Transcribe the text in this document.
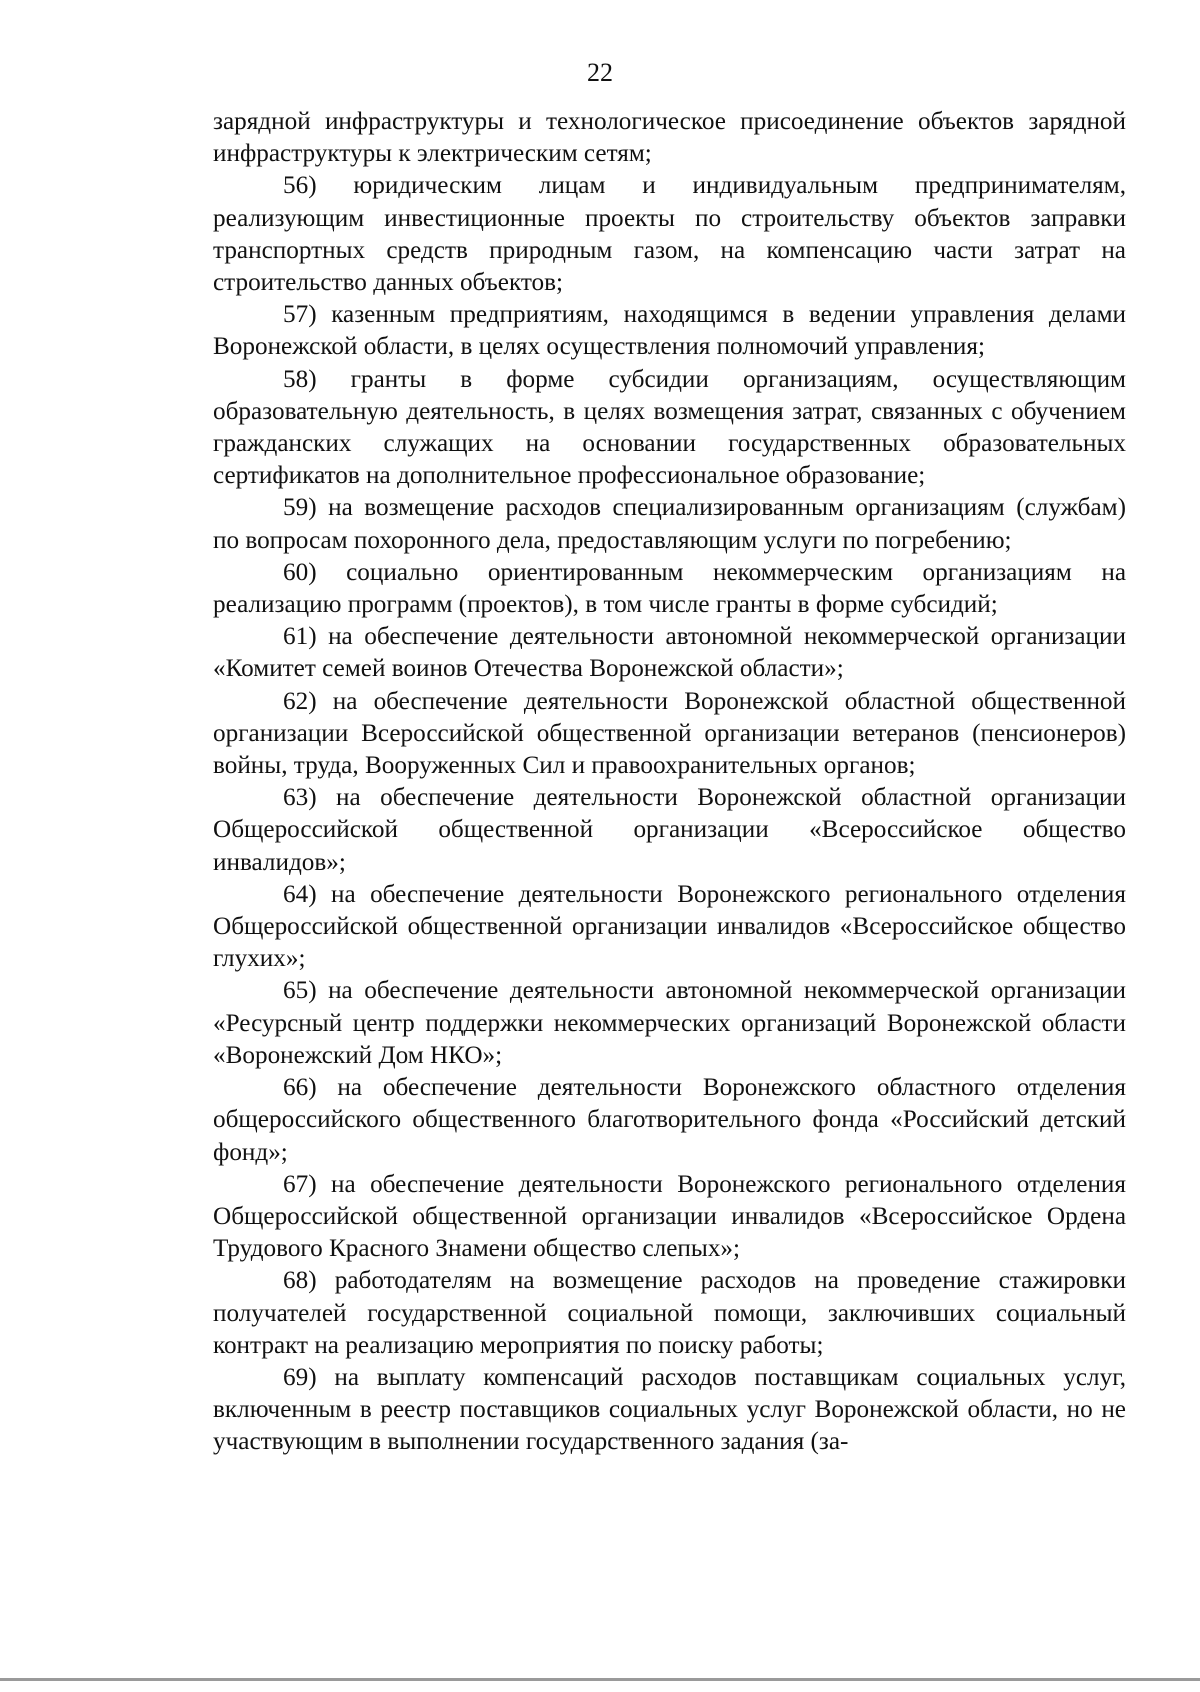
22

зарядной инфраструктуры и технологическое присоединение объектов зарядной инфраструктуры к электрическим сетям;

56) юридическим лицам и индивидуальным предпринимателям, реализующим инвестиционные проекты по строительству объектов заправки транспортных средств природным газом, на компенсацию части затрат на строительство данных объектов;

57) казенным предприятиям, находящимся в ведении управления делами Воронежской области, в целях осуществления полномочий управления;

58) гранты в форме субсидии организациям, осуществляющим образовательную деятельность, в целях возмещения затрат, связанных с обучением гражданских служащих на основании государственных образовательных сертификатов на дополнительное профессиональное образование;

59) на возмещение расходов специализированным организациям (службам) по вопросам похоронного дела, предоставляющим услуги по погребению;

60) социально ориентированным некоммерческим организациям на реализацию программ (проектов), в том числе гранты в форме субсидий;

61) на обеспечение деятельности автономной некоммерческой организации «Комитет семей воинов Отечества Воронежской области»;

62) на обеспечение деятельности Воронежской областной общественной организации Всероссийской общественной организации ветеранов (пенсионеров) войны, труда, Вооруженных Сил и правоохранительных органов;

63) на обеспечение деятельности Воронежской областной организации Общероссийской общественной организации «Всероссийское общество инвалидов»;

64) на обеспечение деятельности Воронежского регионального отделения Общероссийской общественной организации инвалидов «Всероссийское общество глухих»;

65) на обеспечение деятельности автономной некоммерческой организации «Ресурсный центр поддержки некоммерческих организаций Воронежской области «Воронежский Дом НКО»;

66) на обеспечение деятельности Воронежского областного отделения общероссийского общественного благотворительного фонда «Российский детский фонд»;

67) на обеспечение деятельности Воронежского регионального отделения Общероссийской общественной организации инвалидов «Всероссийское Ордена Трудового Красного Знамени общество слепых»;

68) работодателям на возмещение расходов на проведение стажировки получателей государственной социальной помощи, заключивших социальный контракт на реализацию мероприятия по поиску работы;

69) на выплату компенсаций расходов поставщикам социальных услуг, включенным в реестр поставщиков социальных услуг Воронежской области, но не участвующим в выполнении государственного задания (за-
